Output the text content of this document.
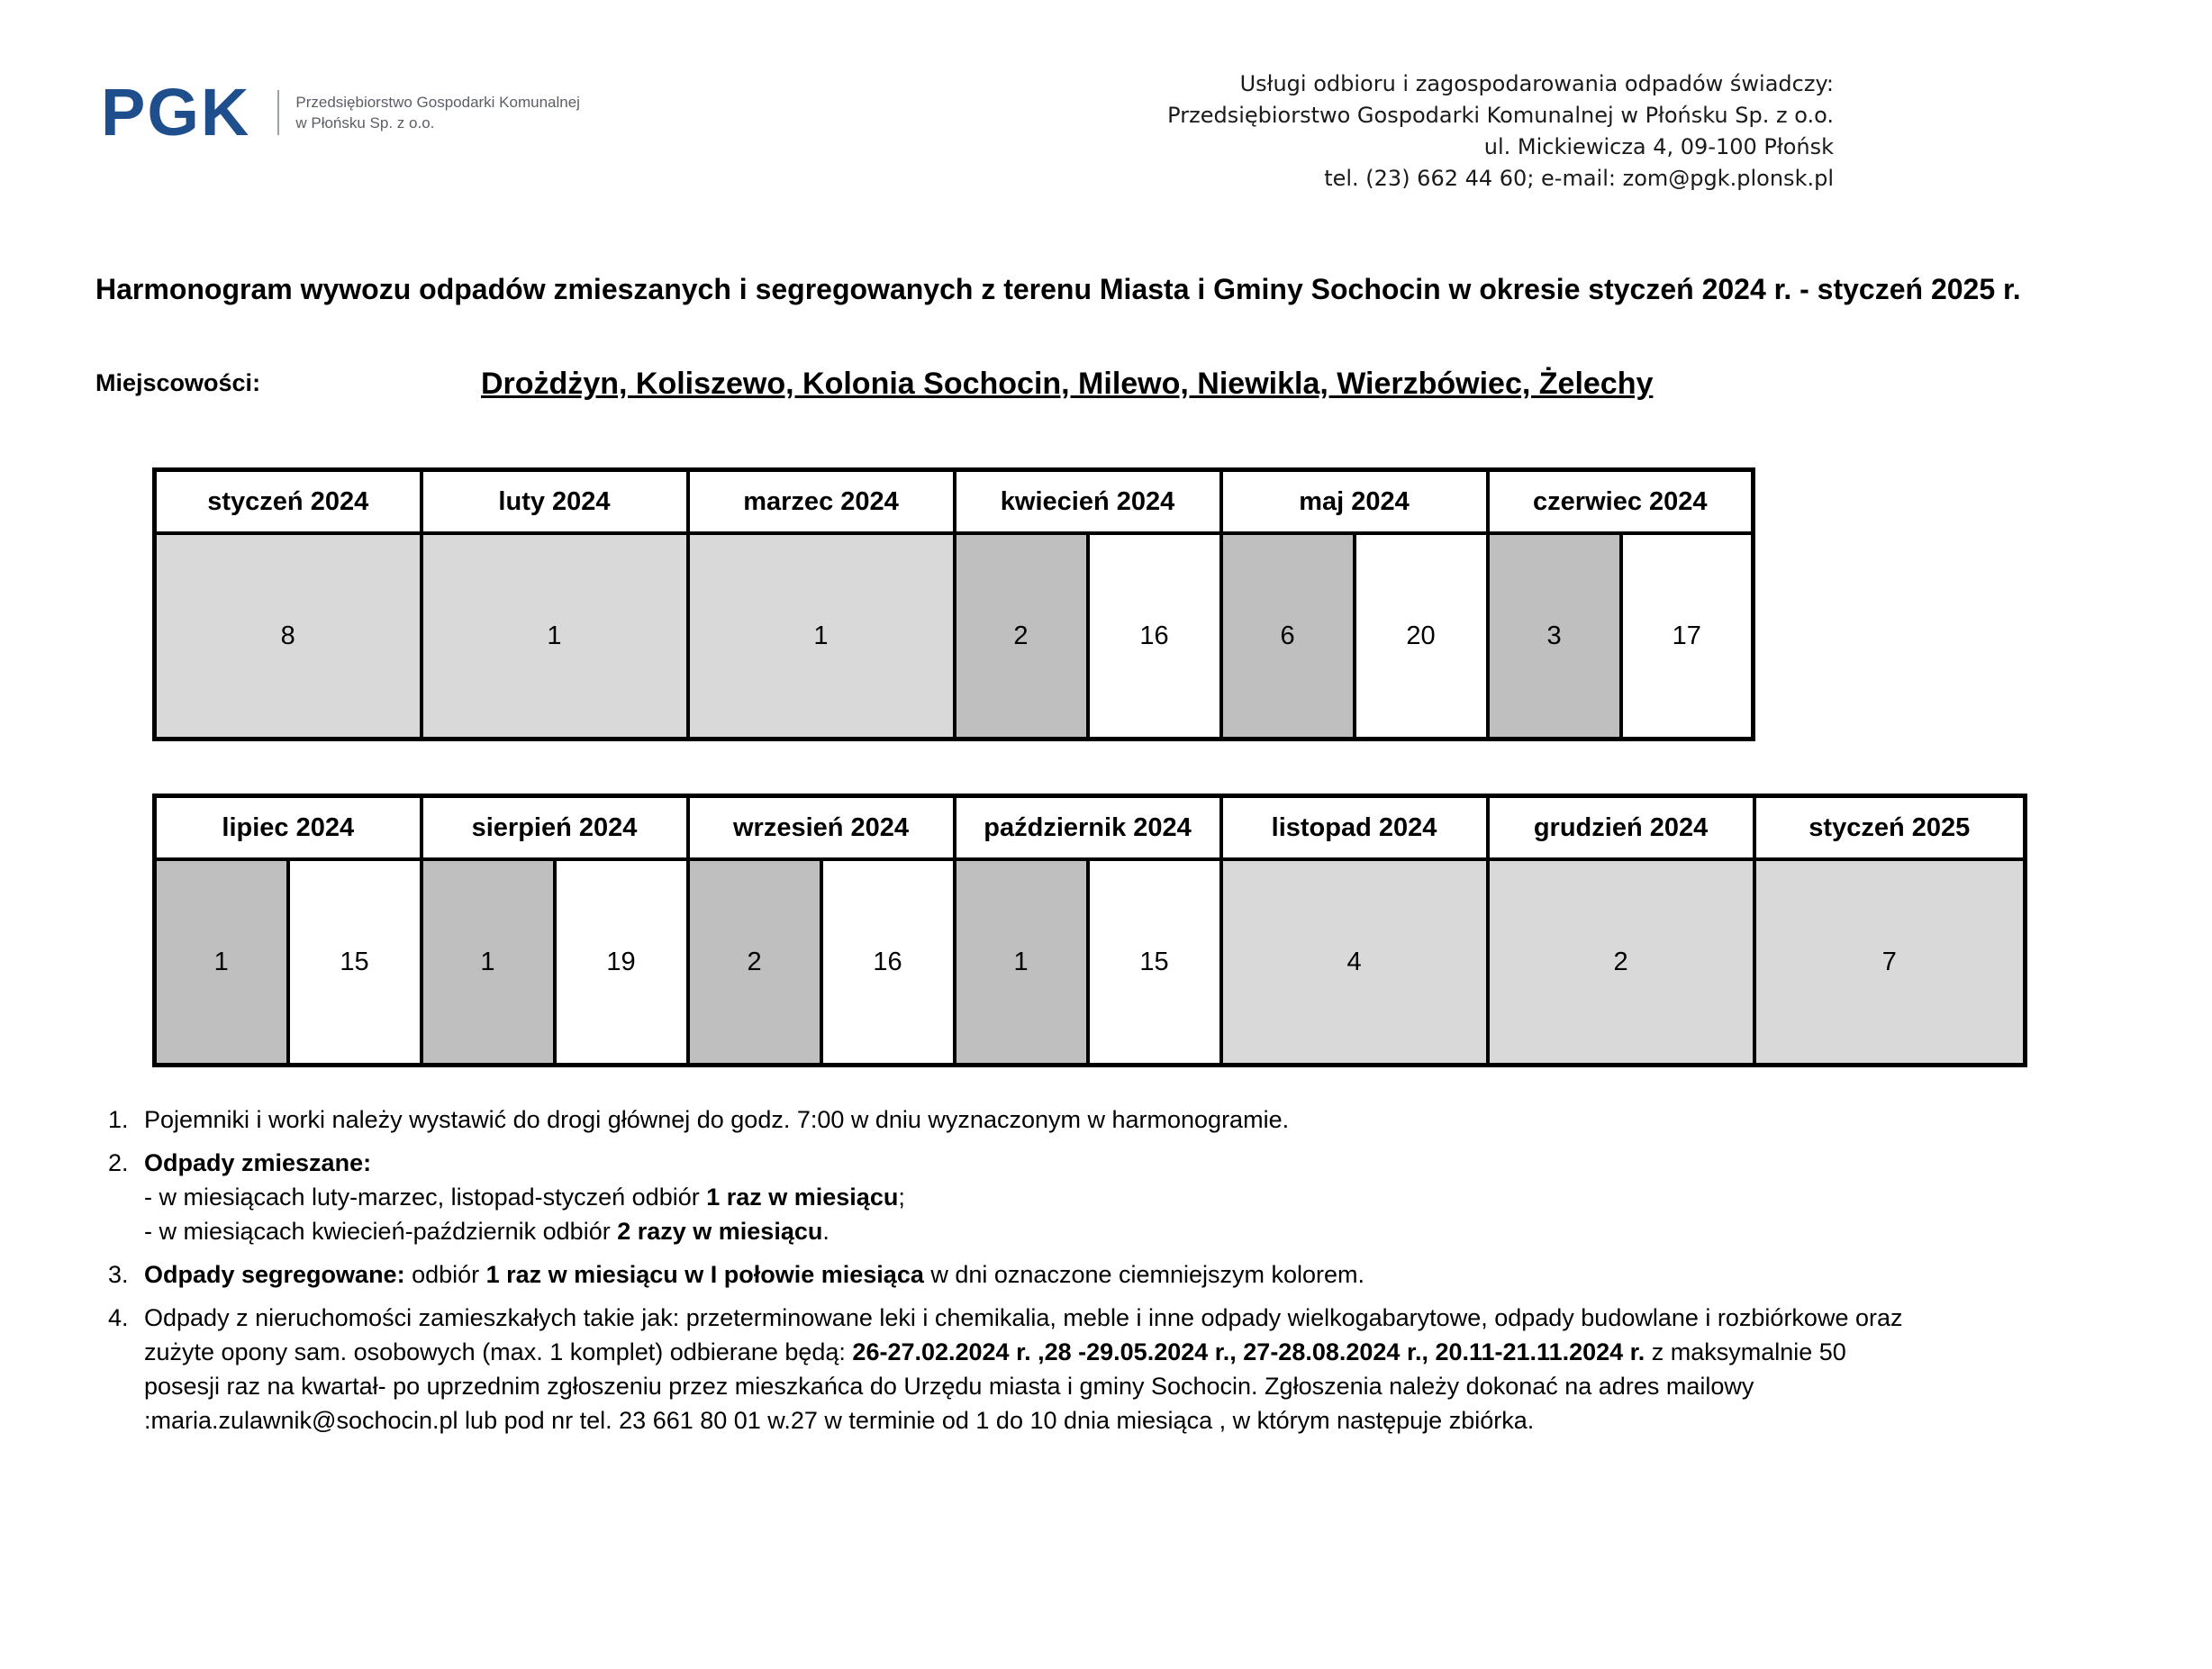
PGK	Przedsiębiorstwo Gospodarki Komunalnej
w Płońsku Sp. z o.o.
Usługi odbioru i zagospodarowania odpadów świadczy:
Przedsiębiorstwo Gospodarki Komunalnej w Płońsku Sp. z o.o.
ul. Mickiewicza 4, 09-100 Płońsk
tel. (23) 662 44 60; e-mail: zom@pgk.plonsk.pl
Harmonogram wywozu odpadów zmieszanych i segregowanych z terenu Miasta i Gminy Sochocin w okresie styczeń 2024 r. - styczeń 2025 r.
Miejscowości:	Drożdżyn, Koliszewo, Kolonia Sochocin, Milewo, Niewikla, Wierzbówiec, Żelechy
styczeń 2024	luty 2024	marzec 2024	kwiecień 2024		maj 2024		czerwiec 2024	
8	1	1	2	16	6	20	3	17
lipiec 2024		sierpień 2024		wrzesień 2024		październik 2024		listopad 2024	grudzień 2024	styczeń 2025
1	15	1	19	2	16	1	15	4	2	7
1. Pojemniki i worki należy wystawić do drogi głównej do godz. 7:00 w dniu wyznaczonym w harmonogramie.
2. Odpady zmieszane:
- w miesiącach luty-marzec, listopad-styczeń odbiór 1 raz w miesiącu;
- w miesiącach kwiecień-październik odbiór 2 razy w miesiącu.
3. Odpady segregowane: odbiór 1 raz w miesiącu w I połowie miesiąca w dni oznaczone ciemniejszym kolorem.
4. Odpady z nieruchomości zamieszkałych takie jak: przeterminowane leki i chemikalia, meble i inne odpady wielkogabarytowe, odpady budowlane i rozbiórkowe oraz zużyte opony sam. osobowych (max. 1 komplet) odbierane będą: 26-27.02.2024 r. ,28 -29.05.2024 r., 27-28.08.2024 r., 20.11-21.11.2024 r. z maksymalnie 50 posesji raz na kwartał- po uprzednim zgłoszeniu przez mieszkańca do Urzędu miasta i gminy Sochocin. Zgłoszenia należy dokonać na adres mailowy :maria.zulawnik@sochocin.pl lub pod nr tel. 23 661 80 01 w.27 w terminie od 1 do 10 dnia miesiąca , w którym następuje zbiórka.
